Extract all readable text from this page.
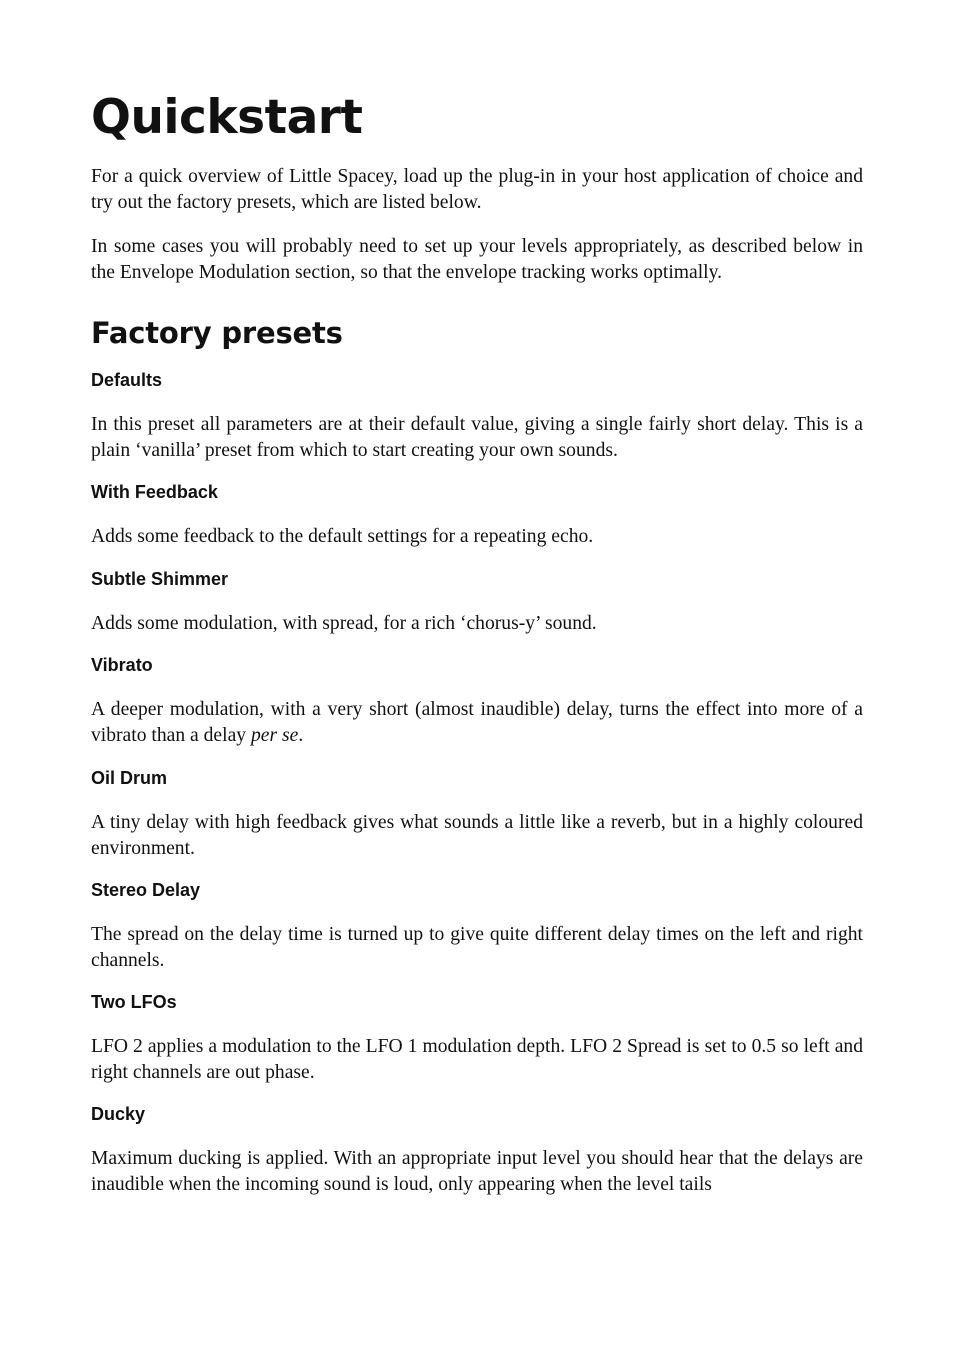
Quickstart

For a quick overview of Little Spacey, load up the plug-in in your host application of choice and try out the factory presets, which are listed below.

In some cases you will probably need to set up your levels appropriately, as described below in the Envelope Modulation section, so that the envelope tracking works optimally.

Factory presets
Defaults

In this preset all parameters are at their default value, giving a single fairly short delay. This is a plain ‘vanilla’ preset from which to start creating your own sounds.

With Feedback

Adds some feedback to the default settings for a repeating echo.

Subtle Shimmer

Adds some modulation, with spread, for a rich ‘chorus-y’ sound.

Vibrato

A deeper modulation, with a very short (almost inaudible) delay, turns the effect into more of a vibrato than a delay per se.

Oil Drum

A tiny delay with high feedback gives what sounds a little like a reverb, but in a highly coloured environment.

Stereo Delay

The spread on the delay time is turned up to give quite different delay times on the left and right channels.

Two LFOs

LFO 2 applies a modulation to the LFO 1 modulation depth. LFO 2 Spread is set to 0.5 so left and right channels are out phase.

Ducky

Maximum ducking is applied. With an appropriate input level you should hear that the delays are inaudible when the incoming sound is loud, only appearing when the level tails
